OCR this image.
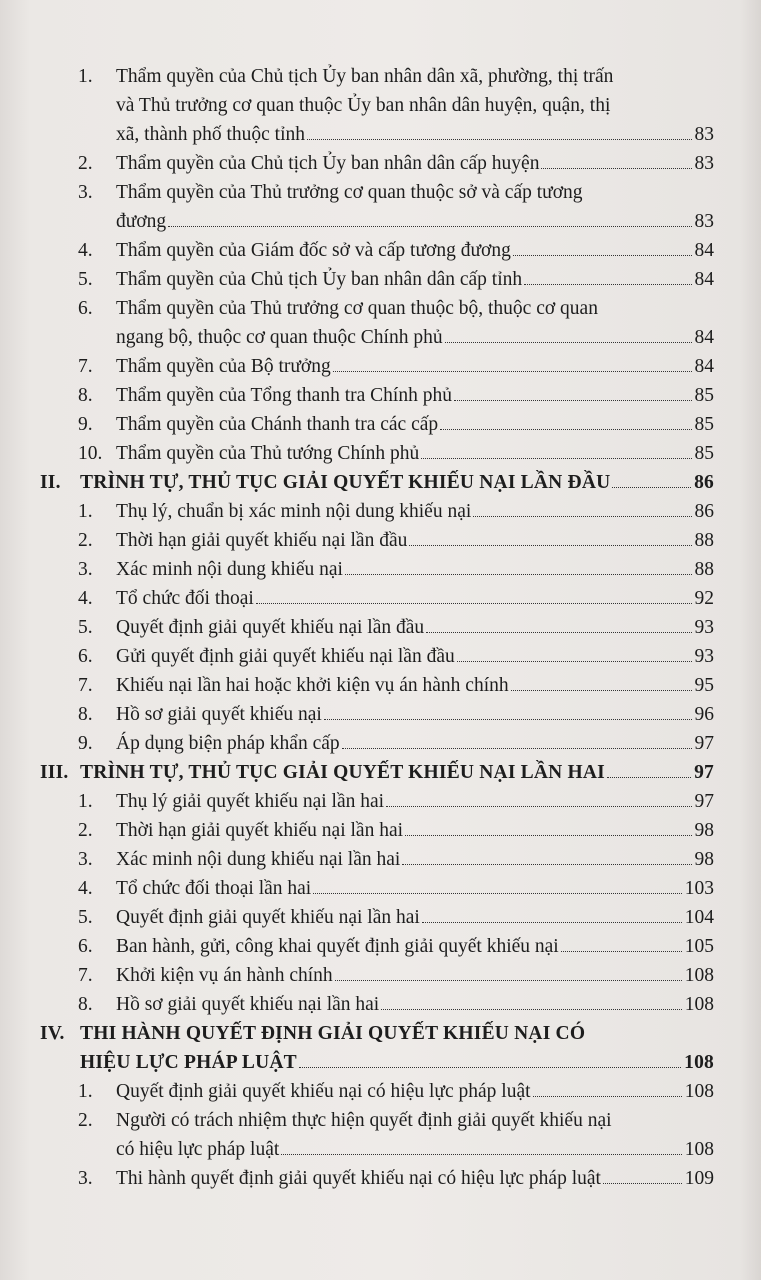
1. Thẩm quyền của Chủ tịch Ủy ban nhân dân xã, phường, thị trấn
và Thủ trưởng cơ quan thuộc Ủy ban nhân dân huyện, quận, thị
xã, thành phố thuộc tỉnh	83
2. Thẩm quyền của Chủ tịch Ủy ban nhân dân cấp huyện	83
3. Thẩm quyền của Thủ trưởng cơ quan thuộc sở và cấp tương
đương	83
4. Thẩm quyền của Giám đốc sở và cấp tương đương	84
5. Thẩm quyền của Chủ tịch Ủy ban nhân dân cấp tỉnh	84
6. Thẩm quyền của Thủ trưởng cơ quan thuộc bộ, thuộc cơ quan
ngang bộ, thuộc cơ quan thuộc Chính phủ	84
7. Thẩm quyền của Bộ trưởng	84
8. Thẩm quyền của Tổng thanh tra Chính phủ	85
9. Thẩm quyền của Chánh thanh tra các cấp	85
10. Thẩm quyền của Thủ tướng Chính phủ	85
II. TRÌNH TỰ, THỦ TỤC GIẢI QUYẾT KHIẾU NẠI LẦN ĐẦU	86
1. Thụ lý, chuẩn bị xác minh nội dung khiếu nại	86
2. Thời hạn giải quyết khiếu nại lần đầu	88
3. Xác minh nội dung khiếu nại	88
4. Tổ chức đối thoại	92
5. Quyết định giải quyết khiếu nại lần đầu	93
6. Gửi quyết định giải quyết khiếu nại lần đầu	93
7. Khiếu nại lần hai hoặc khởi kiện vụ án hành chính	95
8. Hồ sơ giải quyết khiếu nại	96
9. Áp dụng biện pháp khẩn cấp	97
III. TRÌNH TỰ, THỦ TỤC GIẢI QUYẾT KHIẾU NẠI LẦN HAI	97
1. Thụ lý giải quyết khiếu nại lần hai	97
2. Thời hạn giải quyết khiếu nại lần hai	98
3. Xác minh nội dung khiếu nại lần hai	98
4. Tổ chức đối thoại lần hai	103
5. Quyết định giải quyết khiếu nại lần hai	104
6. Ban hành, gửi, công khai quyết định giải quyết khiếu nại	105
7. Khởi kiện vụ án hành chính	108
8. Hồ sơ giải quyết khiếu nại lần hai	108
IV. THI HÀNH QUYẾT ĐỊNH GIẢI QUYẾT KHIẾU NẠI CÓ
HIỆU LỰC PHÁP LUẬT	108
1. Quyết định giải quyết khiếu nại có hiệu lực pháp luật	108
2. Người có trách nhiệm thực hiện quyết định giải quyết khiếu nại
có hiệu lực pháp luật	108
3. Thi hành quyết định giải quyết khiếu nại có hiệu lực pháp luật	109
